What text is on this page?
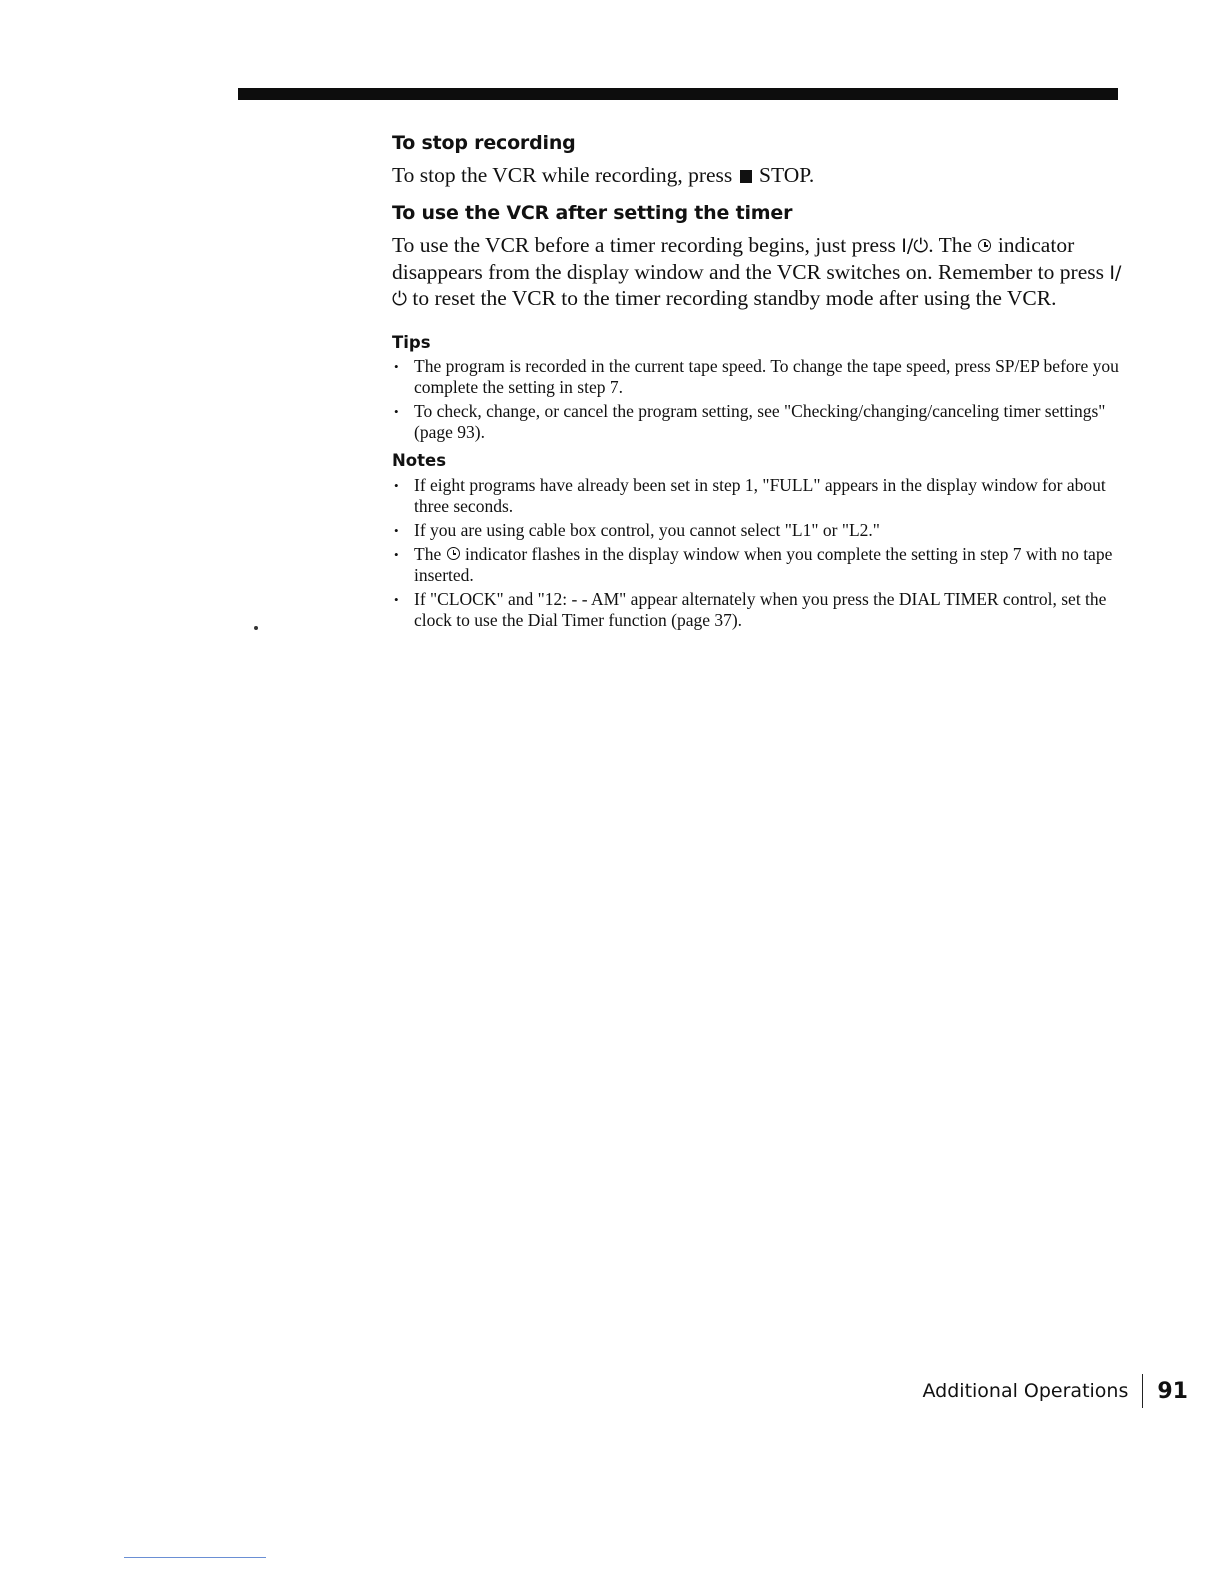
To stop recording

To stop the VCR while recording, press STOP.

To use the VCR after setting the timer

To use the VCR before a timer recording begins, just press I/⏻. The indicator disappears from the display window and the VCR switches on. Remember to press I/⏻ to reset the VCR to the timer recording standby mode after using the VCR.

Tips
• The program is recorded in the current tape speed. To change the tape speed, press SP/EP before you complete the setting in step 7.
• To check, change, or cancel the program setting, see "Checking/changing/canceling timer settings" (page 93).
Notes
• If eight programs have already been set in step 1, "FULL" appears in the display window for about three seconds.
• If you are using cable box control, you cannot select "L1" or "L2."
• The indicator flashes in the display window when you complete the setting in step 7 with no tape inserted.
• If "CLOCK" and "12: - - AM" appear alternately when you press the DIAL TIMER control, set the clock to use the Dial Timer function (page 37).
Additional Operations 91
